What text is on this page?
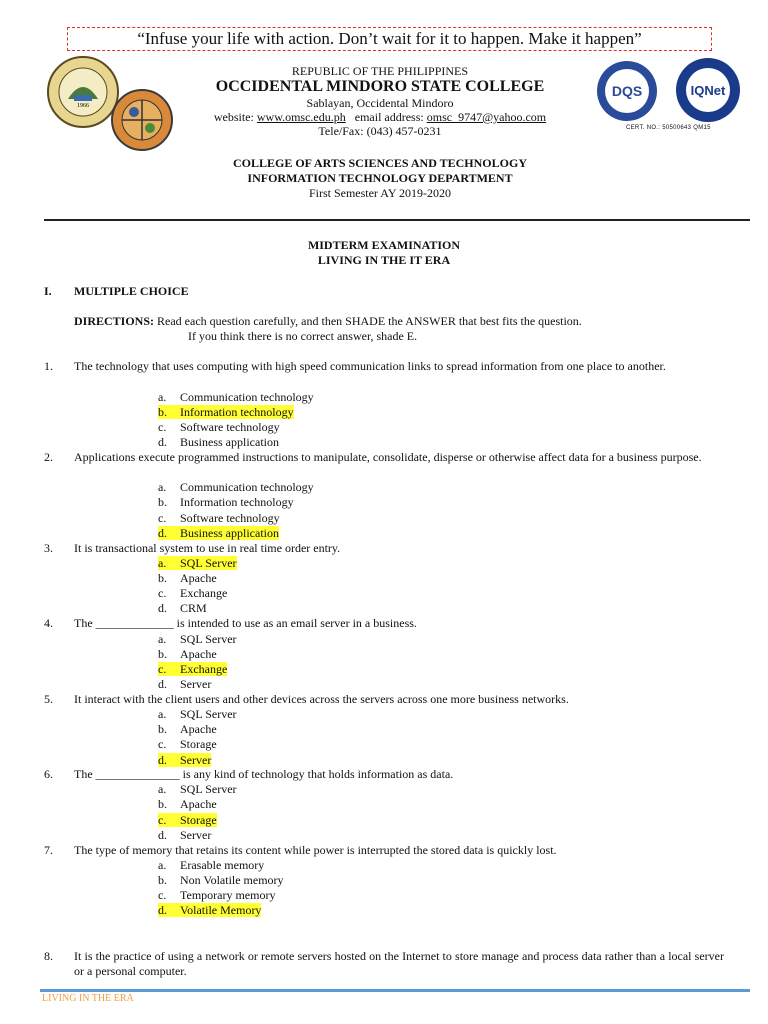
“Infuse your life with action. Don’t wait for it to happen. Make it happen”
1966
DQS	IQNet
CERT. NO.: 50500643 QM15
REPUBLIC OF THE PHILIPPINES
OCCIDENTAL MINDORO STATE COLLEGE
Sablayan, Occidental Mindoro
website: www.omsc.edu.ph email address: omsc_9747@yahoo.com
Tele/Fax: (043) 457-0231
COLLEGE OF ARTS SCIENCES AND TECHNOLOGY
INFORMATION TECHNOLOGY DEPARTMENT
First Semester AY 2019-2020
MIDTERM EXAMINATION
LIVING IN THE IT ERA
I. MULTIPLE CHOICE
DIRECTIONS: Read each question carefully, and then SHADE the ANSWER that best fits the question.
If you think there is no correct answer, shade E.
1. The technology that uses computing with high speed communication links to spread information from one place to another.
a. Communication technology
b. Information technology
c. Software technology
d. Business application
2. Applications execute programmed instructions to manipulate, consolidate, disperse or otherwise affect data for a business purpose.
a. Communication technology
b. Information technology
c. Software technology
d. Business application
3. It is transactional system to use in real time order entry.
a. SQL Server
b. Apache
c. Exchange
d. CRM
4. The _____________ is intended to use as an email server in a business.
a. SQL Server
b. Apache
c. Exchange
d. Server
5. It interact with the client users and other devices across the servers across one more business networks.
a. SQL Server
b. Apache
c. Storage
d. Server
6. The ______________ is any kind of technology that holds information as data.
a. SQL Server
b. Apache
c. Storage
d. Server
7. The type of memory that retains its content while power is interrupted the stored data is quickly lost.
a. Erasable memory
b. Non Volatile memory
c. Temporary memory
d. Volatile Memory
8. It is the practice of using a network or remote servers hosted on the Internet to store manage and process data rather than a local server or a personal computer.
LIVING IN THE ERA
